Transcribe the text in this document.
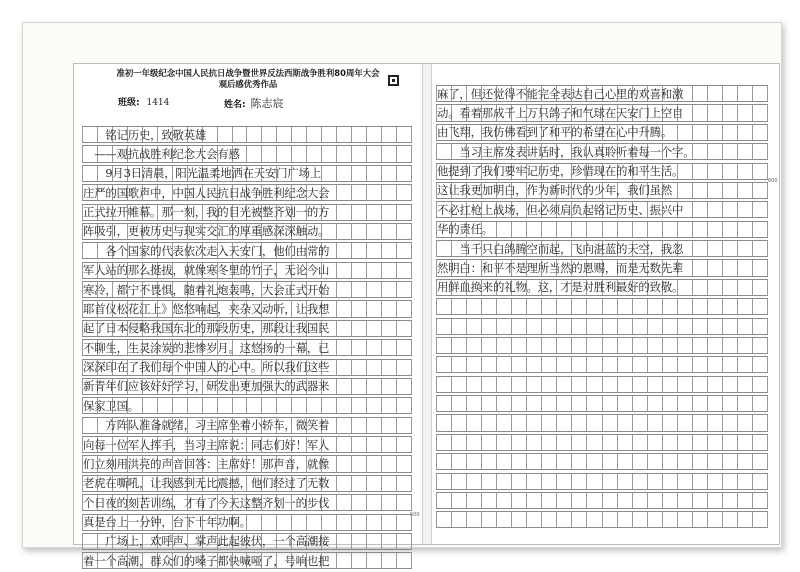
准初一年级纪念中国人民抗日战争暨世界反法西斯战争胜利80周年大会
观后感优秀作品
班级: 1414	姓名: 陈志宸
　　铭记历史，致敬英雄
　——观抗战胜利纪念大会有感
　　9月3日清晨，阳光温柔地洒在天安门广场上
庄严的国歌声中，中国人民抗日战争胜利纪念大会
正式拉开帷幕。那一刻，我的目光被整齐划一的方
阵吸引，更被历史与现实交汇的厚重感深深触动。
　　各个国家的代表依次走入天安门，他们由常的
军人站的那么挺拔，就像寒冬里的竹子，无论今山
寒冷，都宁不畏惧，随着礼炮轰鸣，大会正式开始
耶首仪松花江上》悠悠响起，夹杂又动听，让我想
起了日本侵略我国东北的那段历史，那段让我国民
不聊生，生灵涂炭的悲惨岁月。这悠扬的一幕，已
深深印在了我们每个中国人的心中。所以我们这些
新青年们应该好好学习，研发出更加强大的武器来
保家卫国。
　　方阵队准备就绪，习主席坐着小轿车，微笑着
向每一位军人挥手，当习主席说：同志们好！军人
们立刻用洪亮的声音回答：主席好！那声音，就像
老虎在嘶吼，让我感到无比震撼，他们经过了无数
个日夜的刻苦训练，才有了今天这整齐划一的步伐
真是台上一分钟，台下十年功啊。
　　广场上，欢呼声、掌声此起彼伏，一个高潮接
着一个高潮，群众们的嗓子都快喊哑了，号响也把
500
麻了，但还觉得不能完全表达自己心里的欢喜和激
动。看着那成千上万只鸽子和气球在天安门上空自
由飞翔，我仿佛看到了和平的希望在心中升腾。
　　当习主席发表讲话时，我认真聆听着每一个字。
他提到了我们要牢记历史，珍惜现在的和平生活。
这让我更加明白，作为新时代的少年，我们虽然
不必扛枪上战场，但必须肩负起铭记历史、振兴中
华的责任。
　　当千只白鸽腾空而起，飞向湛蓝的天空，我忽
然明白：和平不是理所当然的恩赐，而是无数先辈
用鲜血换来的礼物。这，才是对胜利最好的致敬。
600
